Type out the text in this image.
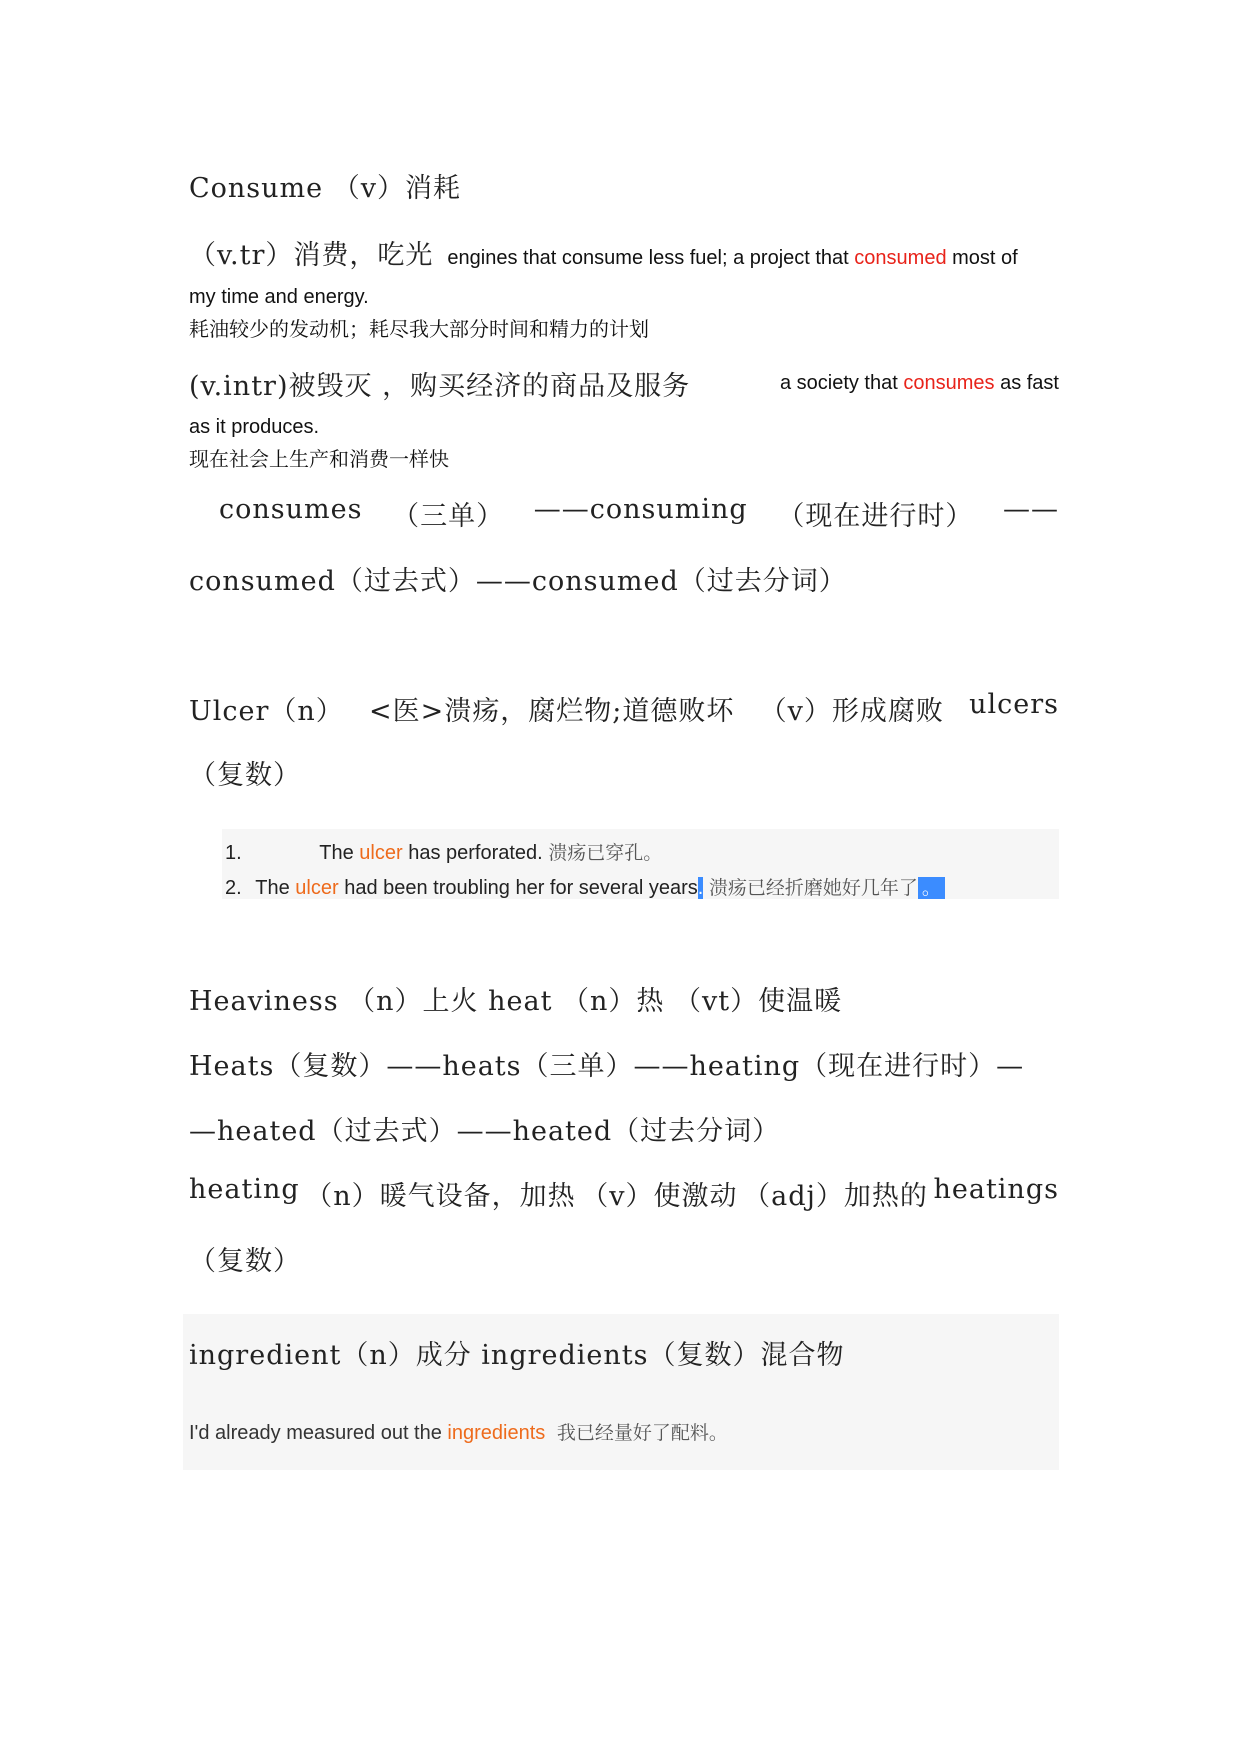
Consume （v）消耗
（v.tr）消费，吃光 engines that consume less fuel; a project that consumed most of
my time and energy.
耗油较少的发动机；耗尽我大部分时间和精力的计划
(v.intr)被毁灭 ，购买经济的商品及服务	a society that consumes as fast
as it produces.
现在社会上生产和消费一样快
consumes （三单） ——consuming （现在进行时） ——
consumed（过去式）——consumed（过去分词）
Ulcer（n） <医>溃疡，腐烂物;道德败坏 （v）形成腐败 ulcers
（复数）
1.	The ulcer has perforated. 溃疡已穿孔。
2. The ulcer had been troubling her for several years. 溃疡已经折磨她好几年了 。
Heaviness （n）上火 heat （n）热 （vt）使温暖
Heats（复数）——heats（三单）——heating（现在进行时）—
—heated（过去式）——heated（过去分词）
heating （n）暖气设备，加热 （v）使激动 （adj）加热的 heatings
（复数）
ingredient（n）成分 ingredients（复数）混合物
I'd already measured out the ingredients 我已经量好了配料。
